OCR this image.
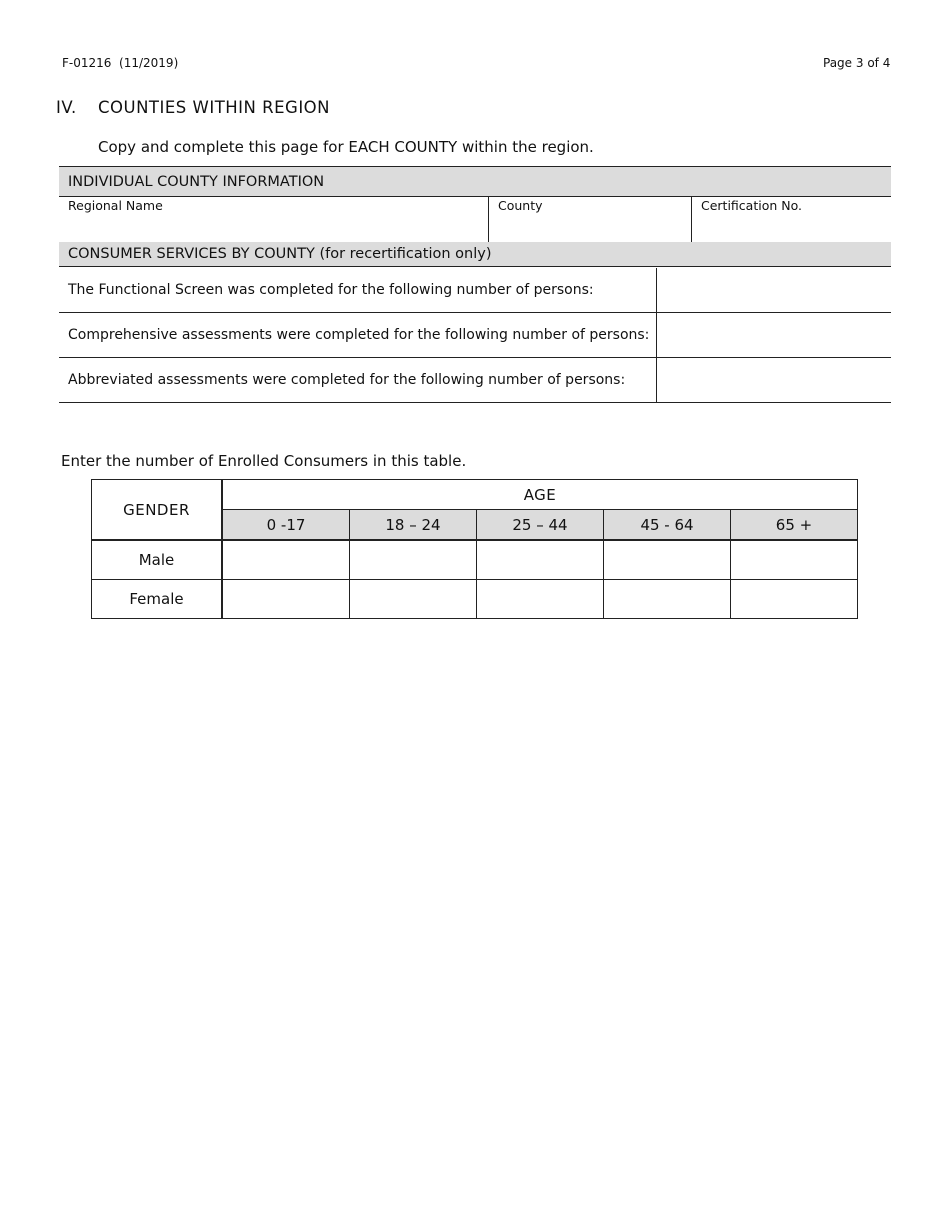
F-01216  (11/2019)	Page 3 of 4
IV. COUNTIES WITHIN REGION
Copy and complete this page for EACH COUNTY within the region.
INDIVIDUAL COUNTY INFORMATION
Regional Name	County	Certification No.
CONSUMER SERVICES BY COUNTY (for recertification only)
The Functional Screen was completed for the following number of persons:
Comprehensive assessments were completed for the following number of persons:
Abbreviated assessments were completed for the following number of persons:
Enter the number of Enrolled Consumers in this table.
GENDER	AGE				
	0 -17	18 – 24	25 – 44	45 - 64	65 +
Male					
Female					
